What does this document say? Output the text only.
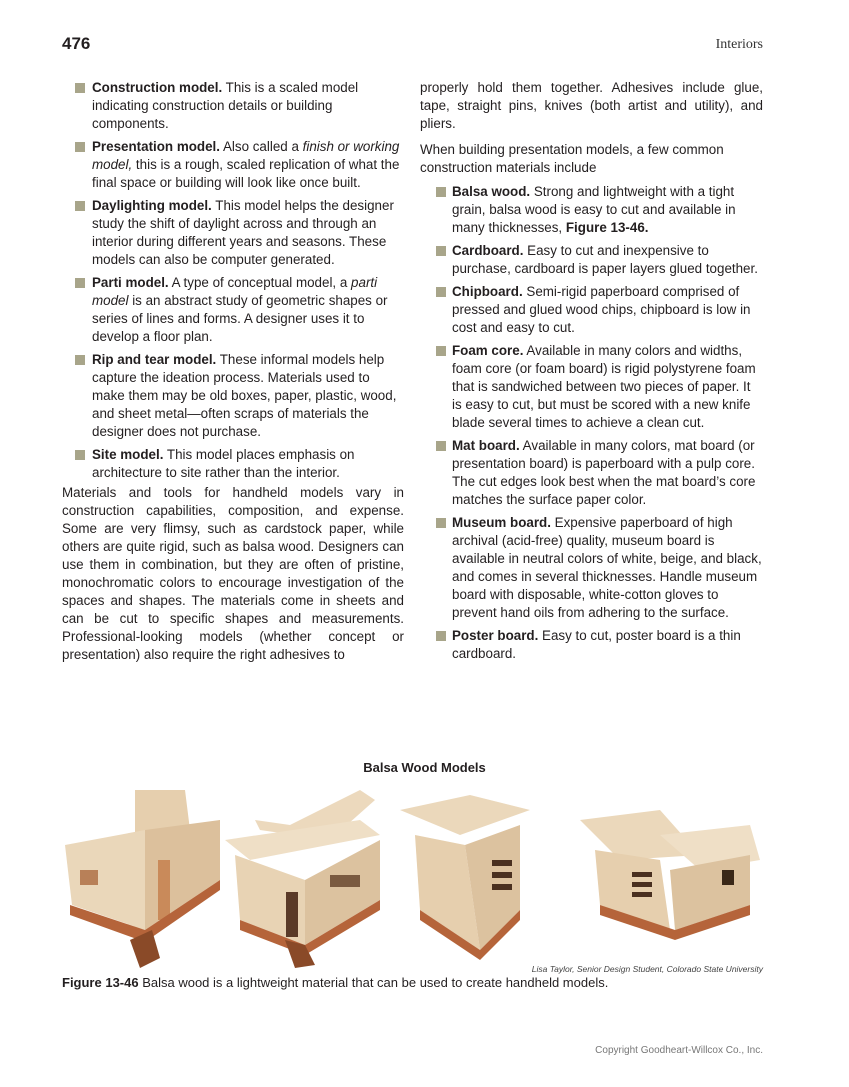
476	Interiors
Construction model. This is a scaled model indicating construction details or building components.
Presentation model. Also called a finish or working model, this is a rough, scaled replication of what the final space or building will look like once built.
Daylighting model. This model helps the designer study the shift of daylight across and through an interior during different years and seasons. These models can also be computer generated.
Parti model. A type of conceptual model, a parti model is an abstract study of geometric shapes or series of lines and forms. A designer uses it to develop a floor plan.
Rip and tear model. These informal models help capture the ideation process. Materials used to make them may be old boxes, paper, plastic, wood, and sheet metal—often scraps of materials the designer does not purchase.
Site model. This model places emphasis on architecture to site rather than the interior.

Materials and tools for handheld models vary in construction capabilities, composition, and expense. Some are very flimsy, such as cardstock paper, while others are quite rigid, such as balsa wood. Designers can use them in combination, but they are often of pristine, monochromatic colors to encourage investigation of the spaces and shapes. The materials come in sheets and can be cut to specific shapes and measurements. Professional-looking models (whether concept or presentation) also require the right adhesives to

properly hold them together. Adhesives include glue, tape, straight pins, knives (both artist and utility), and pliers.

When building presentation models, a few common construction materials include

Balsa wood. Strong and lightweight with a tight grain, balsa wood is easy to cut and available in many thicknesses, Figure 13-46.
Cardboard. Easy to cut and inexpensive to purchase, cardboard is paper layers glued together.
Chipboard. Semi-rigid paperboard comprised of pressed and glued wood chips, chipboard is low in cost and easy to cut.
Foam core. Available in many colors and widths, foam core (or foam board) is rigid polystyrene foam that is sandwiched between two pieces of paper. It is easy to cut, but must be scored with a new knife blade several times to achieve a clean cut.
Mat board. Available in many colors, mat board (or presentation board) is paperboard with a pulp core. The cut edges look best when the mat board’s core matches the surface paper color.
Museum board. Expensive paperboard of high archival (acid-free) quality, museum board is available in neutral colors of white, beige, and black, and comes in several thicknesses. Handle museum board with disposable, white-cotton gloves to prevent hand oils from adhering to the surface.
Poster board. Easy to cut, poster board is a thin cardboard.
Balsa Wood Models
Lisa Taylor, Senior Design Student, Colorado State University
Figure 13-46 Balsa wood is a lightweight material that can be used to create handheld models.
Copyright Goodheart-Willcox Co., Inc.
